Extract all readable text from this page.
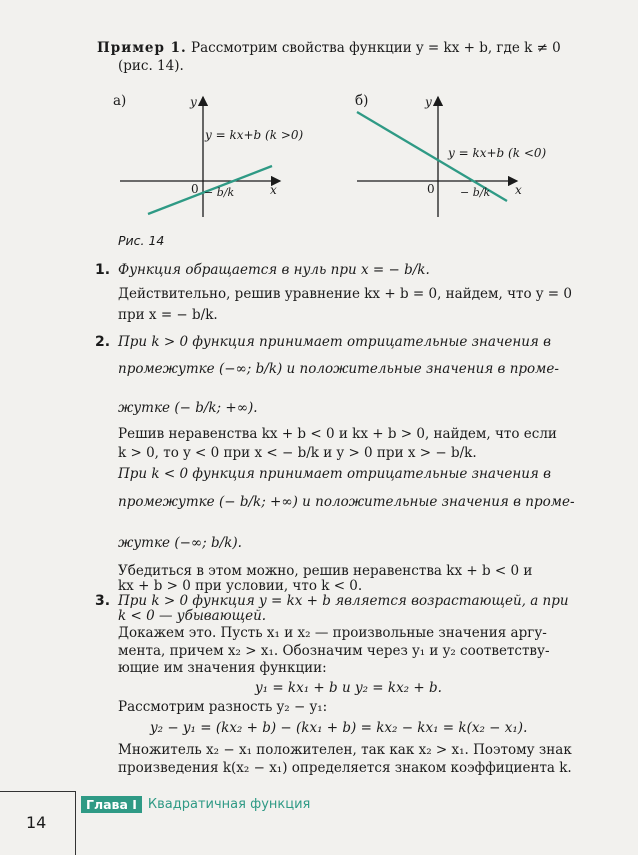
Пример 1. Рассмотрим свойства функции y = kx + b, где k ≠ 0
(рис. 14).
а)	y
x
0
y = kx+b (k >0)
− b/k
б)	y
x
0
y = kx+b (k <0)
− b/k
Рис. 14
1. Функция обращается в нуль при x = − b/k.
Действительно, решив уравнение kx + b = 0, найдем, что y = 0
при x = − b/k.
2. При k > 0 функция принимает отрицательные значения в
промежутке (−∞; b/k) и положительные значения в проме-
жутке (− b/k; +∞).
Решив неравенства kx + b < 0 и kx + b > 0, найдем, что если
k > 0, то y < 0 при x < − b/k и y > 0 при x > − b/k.
При k < 0 функция принимает отрицательные значения в
промежутке (− b/k; +∞) и положительные значения в проме-
жутке (−∞; b/k).
Убедиться в этом можно, решив неравенства kx + b < 0 и
kx + b > 0 при условии, что k < 0.
3. При k > 0 функция y = kx + b является возрастающей, а при
k < 0 — убывающей.
Докажем это. Пусть x₁ и x₂ — произвольные значения аргу-
мента, причем x₂ > x₁. Обозначим через y₁ и y₂ соответству-
ющие им значения функции:
y₁ = kx₁ + b и y₂ = kx₂ + b.
Рассмотрим разность y₂ − y₁:
y₂ − y₁ = (kx₂ + b) − (kx₁ + b) = kx₂ − kx₁ = k(x₂ − x₁).
Множитель x₂ − x₁ положителен, так как x₂ > x₁. Поэтому знак
произведения k(x₂ − x₁) определяется знаком коэффициента k.
14
Глава I Квадратичная функция
